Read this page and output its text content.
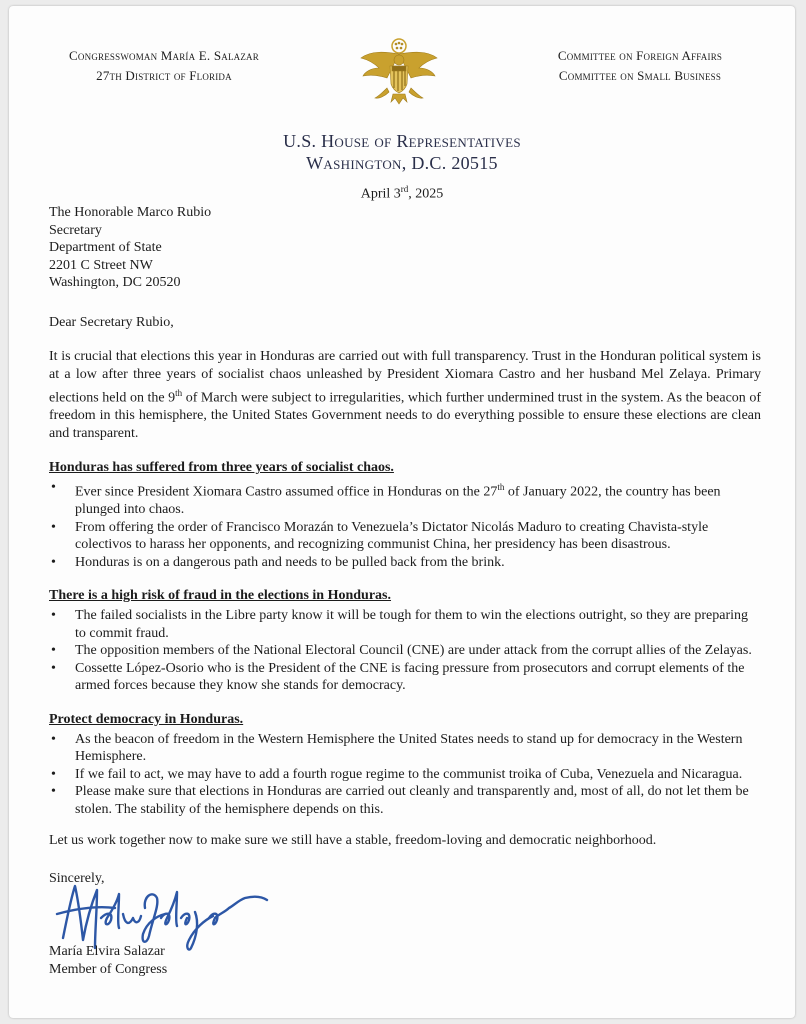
Congresswoman María E. Salazar
27th District of Florida
Committee on Foreign Affairs
Committee on Small Business
U.S. House of Representatives
Washington, D.C. 20515
April 3rd, 2025
The Honorable Marco Rubio
Secretary
Department of State
2201 C Street NW
Washington, DC 20520
Dear Secretary Rubio,
It is crucial that elections this year in Honduras are carried out with full transparency. Trust in the Honduran political system is at a low after three years of socialist chaos unleashed by President Xiomara Castro and her husband Mel Zelaya. Primary elections held on the 9th of March were subject to irregularities, which further undermined trust in the system. As the beacon of freedom in this hemisphere, the United States Government needs to do everything possible to ensure these elections are clean and transparent.
Honduras has suffered from three years of socialist chaos.
• Ever since President Xiomara Castro assumed office in Honduras on the 27th of January 2022, the country has been plunged into chaos.
• From offering the order of Francisco Morazán to Venezuela’s Dictator Nicolás Maduro to creating Chavista-style colectivos to harass her opponents, and recognizing communist China, her presidency has been disastrous.
• Honduras is on a dangerous path and needs to be pulled back from the brink.
There is a high risk of fraud in the elections in Honduras.
• The failed socialists in the Libre party know it will be tough for them to win the elections outright, so they are preparing to commit fraud.
• The opposition members of the National Electoral Council (CNE) are under attack from the corrupt allies of the Zelayas.
• Cossette López-Osorio who is the President of the CNE is facing pressure from prosecutors and corrupt elements of the armed forces because they know she stands for democracy.
Protect democracy in Honduras.
• As the beacon of freedom in the Western Hemisphere the United States needs to stand up for democracy in the Western Hemisphere.
• If we fail to act, we may have to add a fourth rogue regime to the communist troika of Cuba, Venezuela and Nicaragua.
• Please make sure that elections in Honduras are carried out cleanly and transparently and, most of all, do not let them be stolen. The stability of the hemisphere depends on this.
Let us work together now to make sure we still have a stable, freedom-loving and democratic neighborhood.
Sincerely,
María Elvira Salazar
Member of Congress
